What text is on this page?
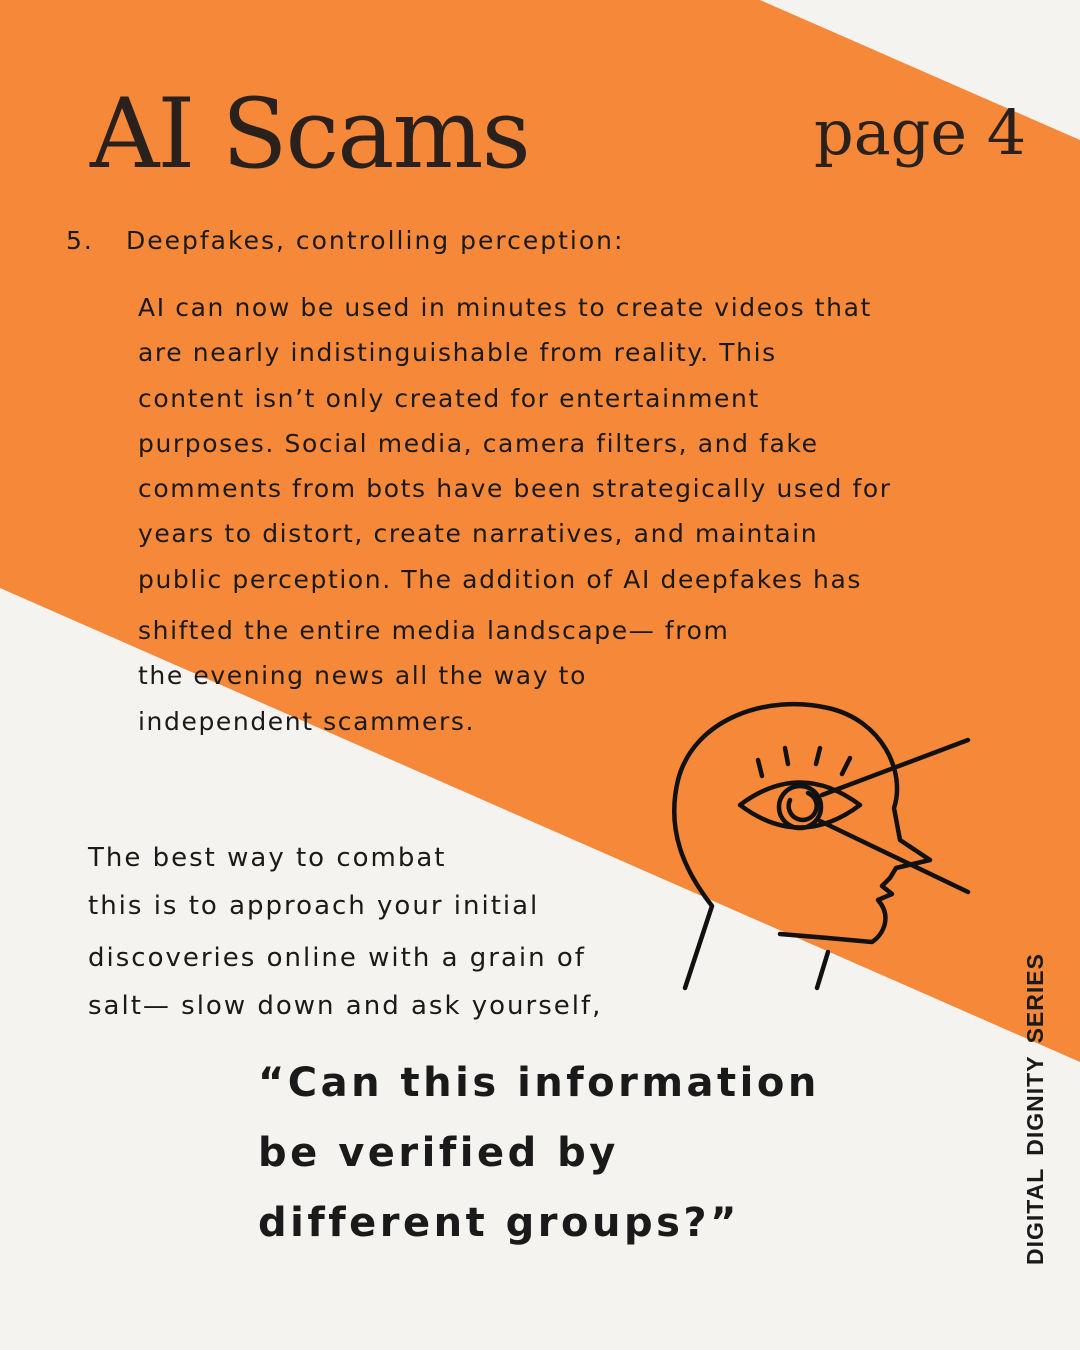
AI Scams	page 4
5. Deepfakes, controlling perception:
AI can now be used in minutes to create videos that
are nearly indistinguishable from reality. This
content isn’t only created for entertainment
purposes. Social media, camera filters, and fake
comments from bots have been strategically used for
years to distort, create narratives, and maintain
public perception. The addition of AI deepfakes has
shifted the entire media landscape— from
the evening news all the way to
independent scammers.
The best way to combat
this is to approach your initial
discoveries online with a grain of
salt— slow down and ask yourself,
“Can this information
be verified by
different groups?”	DIGITALDIGNITYSERIES
